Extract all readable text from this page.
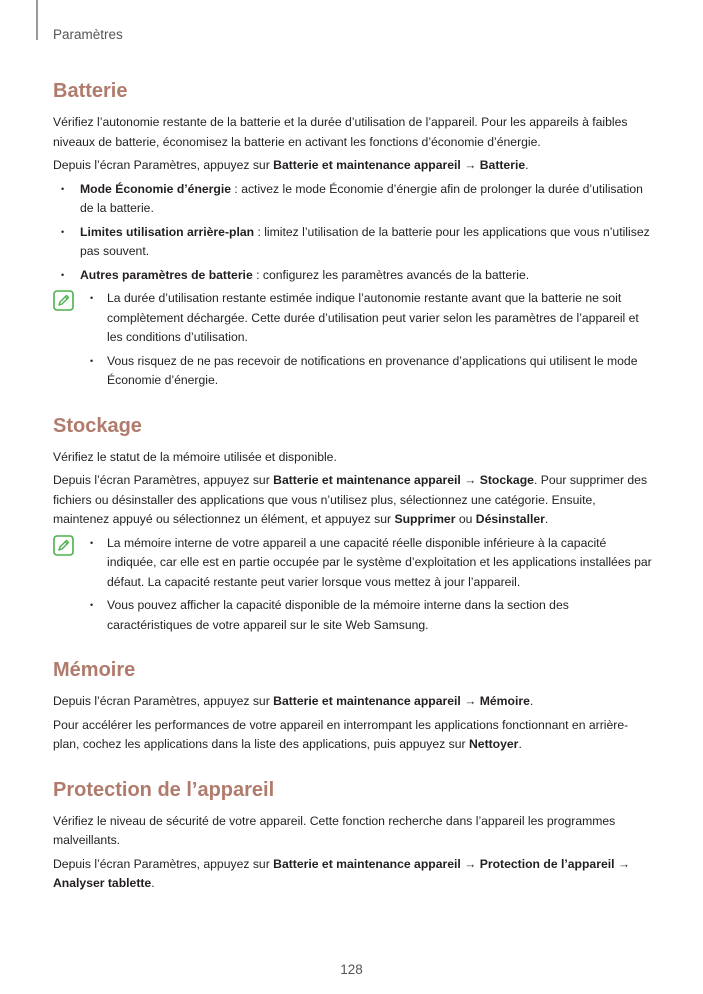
Paramètres
Batterie

Vérifiez l’autonomie restante de la batterie et la durée d’utilisation de l’appareil. Pour les appareils à faibles niveaux de batterie, économisez la batterie en activant les fonctions d’économie d’énergie.

Depuis l’écran Paramètres, appuyez sur Batterie et maintenance appareil → Batterie.

• Mode Économie d’énergie : activez le mode Économie d’énergie afin de prolonger la durée d’utilisation de la batterie.
• Limites utilisation arrière-plan : limitez l’utilisation de la batterie pour les applications que vous n’utilisez pas souvent.
• Autres paramètres de batterie : configurez les paramètres avancés de la batterie.
• La durée d’utilisation restante estimée indique l’autonomie restante avant que la batterie ne soit complètement déchargée. Cette durée d’utilisation peut varier selon les paramètres de l’appareil et les conditions d’utilisation.
• Vous risquez de ne pas recevoir de notifications en provenance d’applications qui utilisent le mode Économie d’énergie.
Stockage

Vérifiez le statut de la mémoire utilisée et disponible.

Depuis l’écran Paramètres, appuyez sur Batterie et maintenance appareil → Stockage. Pour supprimer des fichiers ou désinstaller des applications que vous n’utilisez plus, sélectionnez une catégorie. Ensuite, maintenez appuyé ou sélectionnez un élément, et appuyez sur Supprimer ou Désinstaller.

• La mémoire interne de votre appareil a une capacité réelle disponible inférieure à la capacité indiquée, car elle est en partie occupée par le système d’exploitation et les applications installées par défaut. La capacité restante peut varier lorsque vous mettez à jour l’appareil.
• Vous pouvez afficher la capacité disponible de la mémoire interne dans la section des caractéristiques de votre appareil sur le site Web Samsung.
Mémoire

Depuis l’écran Paramètres, appuyez sur Batterie et maintenance appareil → Mémoire.

Pour accélérer les performances de votre appareil en interrompant les applications fonctionnant en arrière-plan, cochez les applications dans la liste des applications, puis appuyez sur Nettoyer.

Protection de l’appareil

Vérifiez le niveau de sécurité de votre appareil. Cette fonction recherche dans l’appareil les programmes malveillants.

Depuis l’écran Paramètres, appuyez sur Batterie et maintenance appareil → Protection de l’appareil → Analyser tablette.

128
